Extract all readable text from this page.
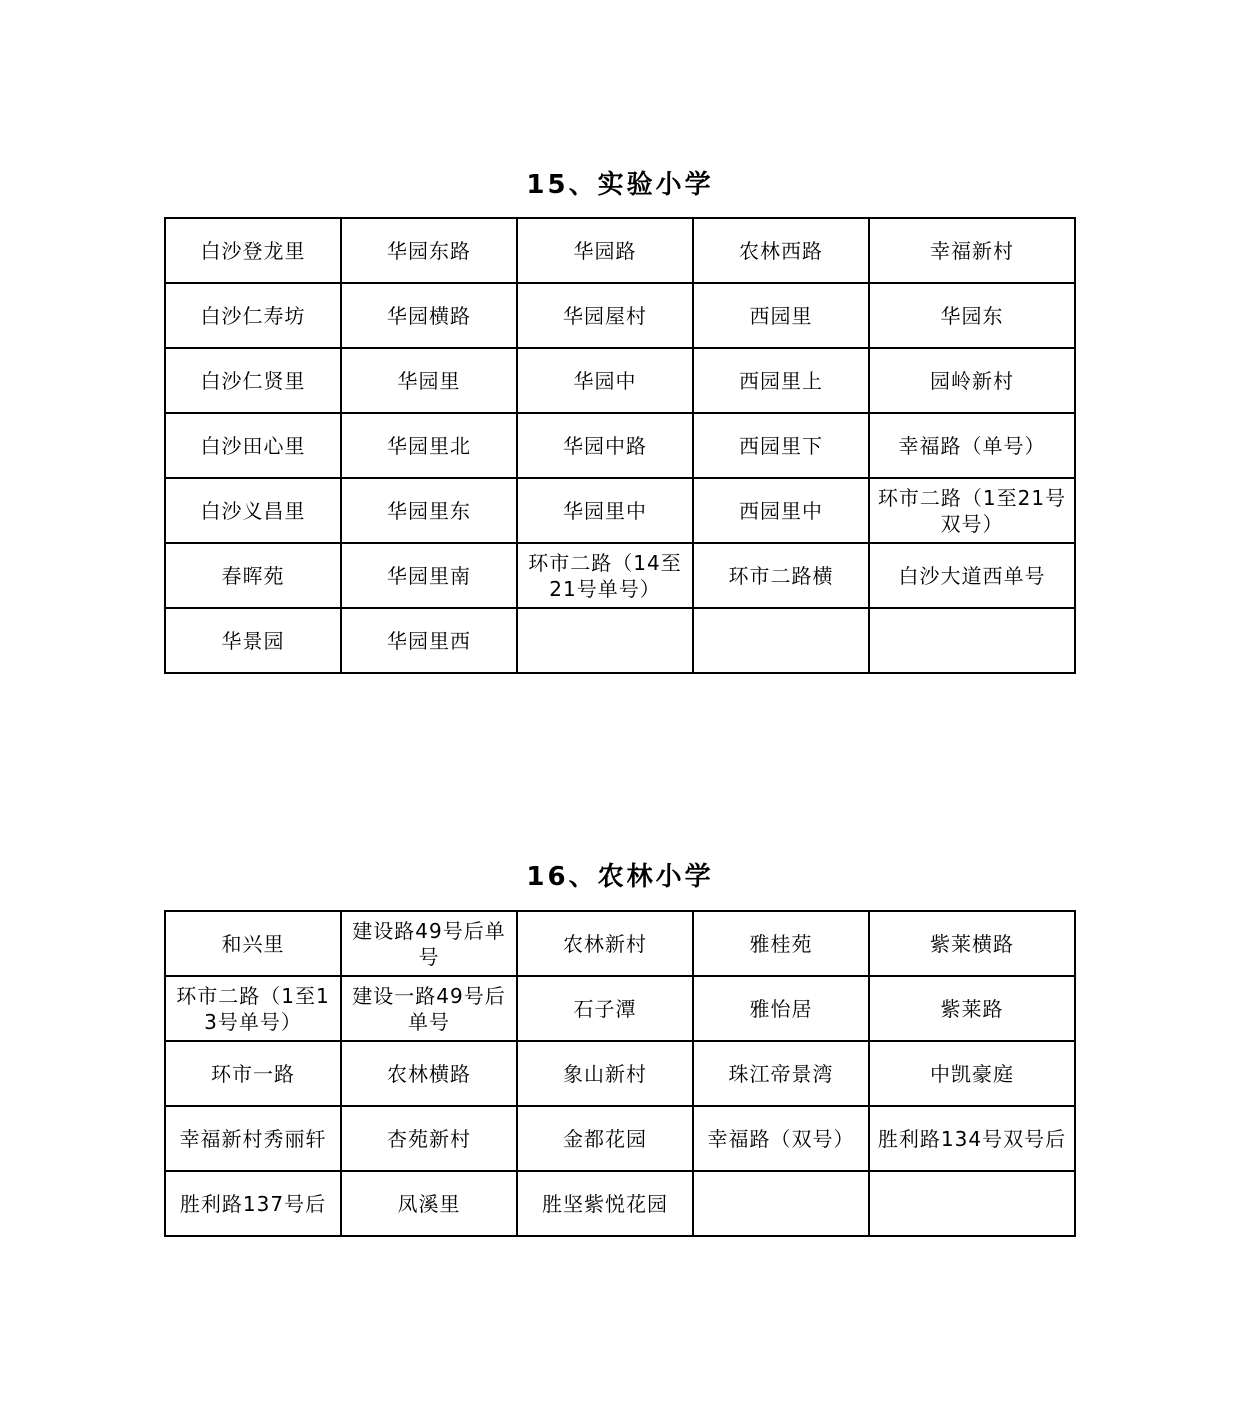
15、实验小学
白沙登龙里	华园东路	华园路	农林西路	幸福新村
白沙仁寿坊	华园横路	华园屋村	西园里	华园东
白沙仁贤里	华园里	华园中	西园里上	园岭新村
白沙田心里	华园里北	华园中路	西园里下	幸福路（单号）
白沙义昌里	华园里东	华园里中	西园里中	环市二路（1至21号双号）
春晖苑	华园里南	环市二路（14至21号单号）	环市二路横	白沙大道西单号
华景园	华园里西			
16、农林小学
和兴里	建设路49号后单号	农林新村	雅桂苑	紫莱横路
环市二路（1至13号单号）	建设一路49号后单号	石子潭	雅怡居	紫莱路
环市一路	农林横路	象山新村	珠江帝景湾	中凯豪庭
幸福新村秀丽轩	杏苑新村	金都花园	幸福路（双号）	胜利路134号双号后
胜利路137号后	凤溪里	胜坚紫悦花园		
